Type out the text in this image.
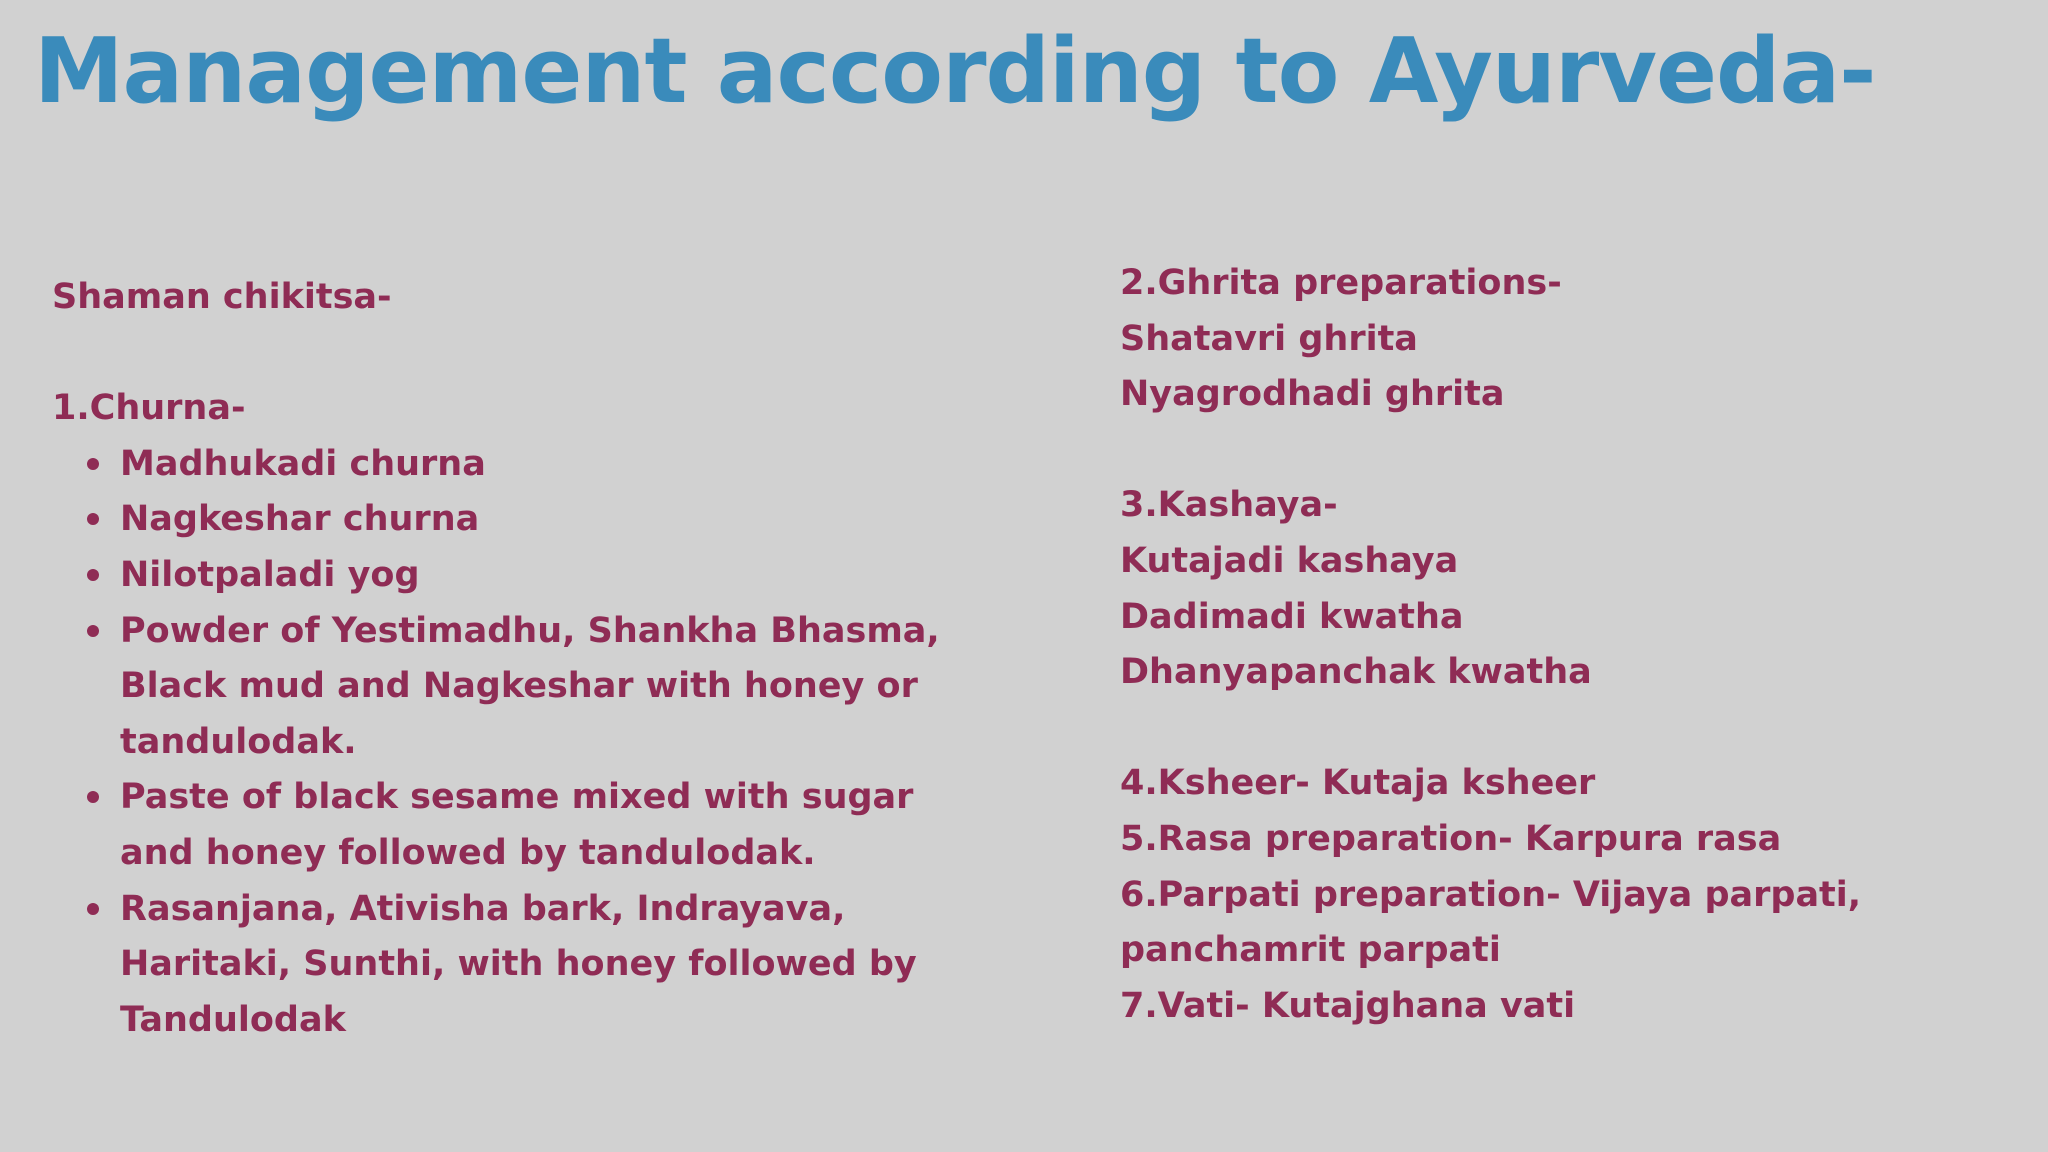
Management according to Ayurveda-
Shaman chikitsa-
1.Churna-
Madhukadi churna
Nagkeshar churna
Nilotpaladi yog
Powder of Yestimadhu, Shankha Bhasma,
Black mud and Nagkeshar with honey or
tandulodak.
Paste of black sesame mixed with sugar
and honey followed by tandulodak.
Rasanjana, Ativisha bark, Indrayava,
Haritaki, Sunthi, with honey followed by
Tandulodak
2.Ghrita preparations-
Shatavri ghrita
Nyagrodhadi ghrita
3.Kashaya-
Kutajadi kashaya
Dadimadi kwatha
Dhanyapanchak kwatha
4.Ksheer- Kutaja ksheer
5.Rasa preparation- Karpura rasa
6.Parpati preparation- Vijaya parpati,
panchamrit parpati
7.Vati- Kutajghana vati
